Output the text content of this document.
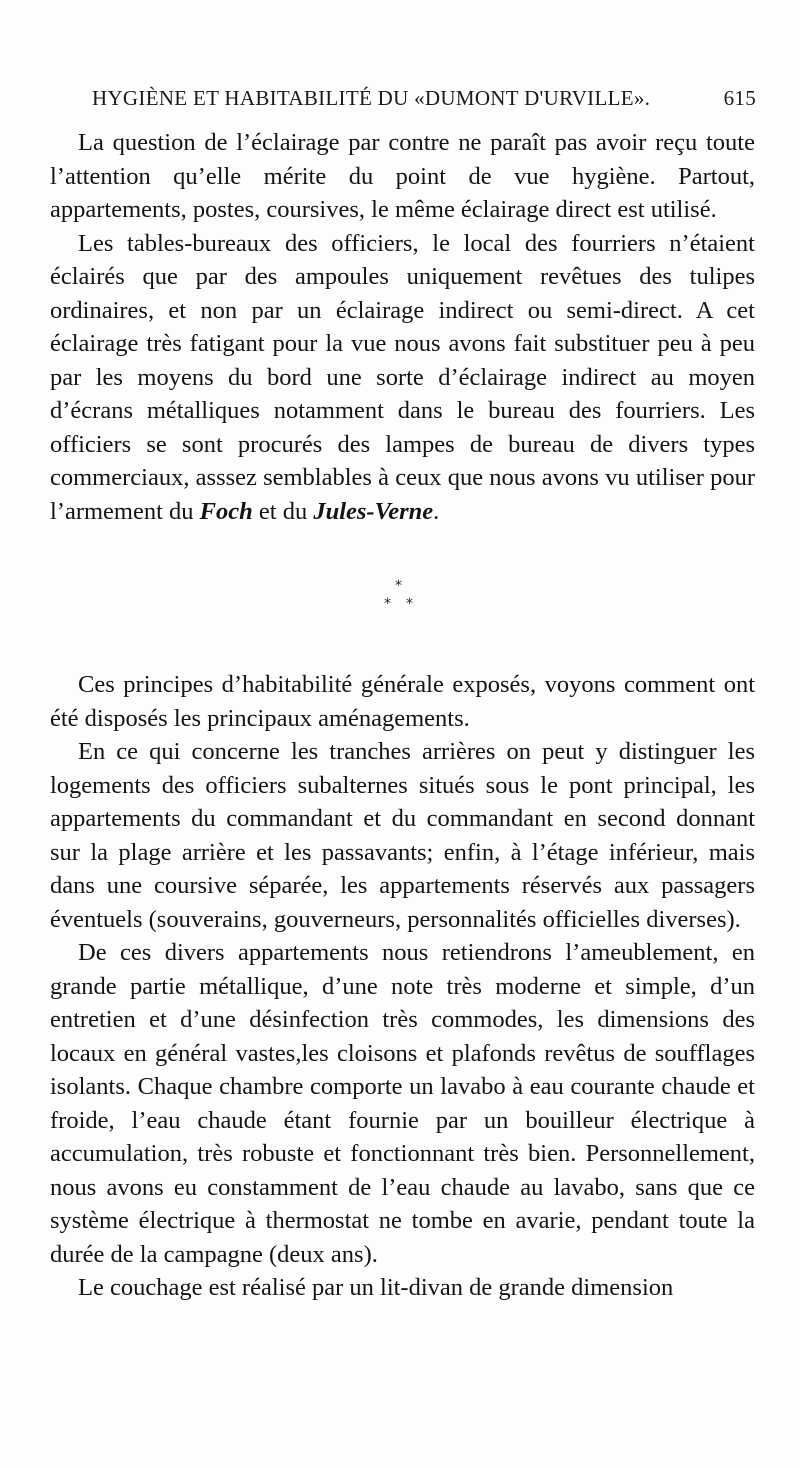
HYGIÈNE ET HABITABILITÉ DU «DUMONT D'URVILLE».	615

La question de l’éclairage par contre ne paraît pas avoir reçu toute l’attention qu’elle mérite du point de vue hygiène. Partout, appartements, postes, coursives, le même éclairage direct est utilisé.

Les tables-bureaux des officiers, le local des fourriers n’étaient éclairés que par des ampoules uniquement revêtues des tulipes ordinaires, et non par un éclairage indirect ou semi-direct. A cet éclairage très fatigant pour la vue nous avons fait substituer peu à peu par les moyens du bord une sorte d’éclairage indirect au moyen d’écrans métalliques notamment dans le bureau des fourriers. Les officiers se sont procurés des lampes de bureau de divers types commerciaux, asssez semblables à ceux que nous avons vu utiliser pour l’armement du Foch et du Jules-Verne.

*
* *

Ces principes d’habitabilité générale exposés, voyons comment ont été disposés les principaux aménagements.

En ce qui concerne les tranches arrières on peut y distinguer les logements des officiers subalternes situés sous le pont principal, les appartements du commandant et du commandant en second donnant sur la plage arrière et les passavants; enfin, à l’étage inférieur, mais dans une coursive séparée, les appartements réservés aux passagers éventuels (souverains, gouverneurs, personnalités officielles diverses).

De ces divers appartements nous retiendrons l’ameublement, en grande partie métallique, d’une note très moderne et simple, d’un entretien et d’une désinfection très commodes, les dimensions des locaux en général vastes,les cloisons et plafonds revêtus de soufflages isolants. Chaque chambre comporte un lavabo à eau courante chaude et froide, l’eau chaude étant fournie par un bouilleur électrique à accumulation, très robuste et fonctionnant très bien. Personnellement, nous avons eu constamment de l’eau chaude au lavabo, sans que ce système électrique à thermostat ne tombe en avarie, pendant toute la durée de la campagne (deux ans).

Le couchage est réalisé par un lit-divan de grande dimension
